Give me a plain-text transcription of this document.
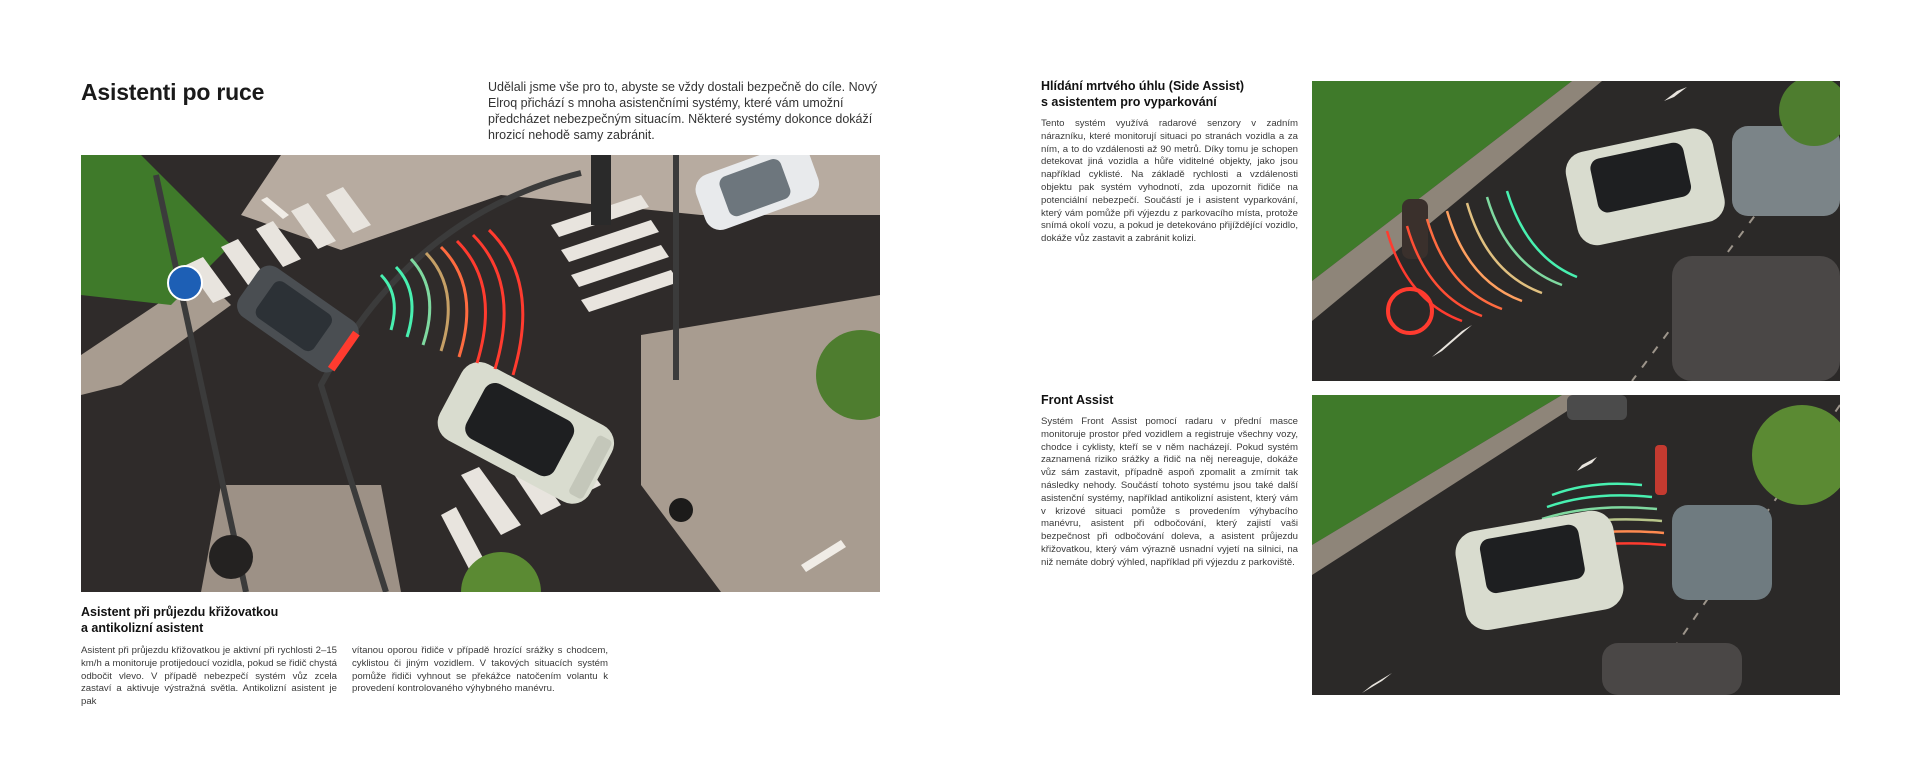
Asistenti po ruce	Udělali jsme vše pro to, abyste se vždy dostali bezpečně do cíle. Nový Elroq přichází s mnoha asistenčními systémy, které vám umožní předcházet nebezpečným situacím. Některé systémy dokonce dokáží hrozicí nehodě samy zabránit.
Asistent při průjezdu křižovatkou
a antikolizní asistent
Asistent při průjezdu křižovatkou je aktivní při rychlosti 2–15 km/h a monitoruje protijedoucí vozidla, pokud se řidič chystá odbočit vlevo. V případě nebezpečí systém vůz zcela zastaví a aktivuje výstražná světla. Antikolizní asistent je pak
vítanou oporou řidiče v případě hrozící srážky s chodcem, cyklistou či jiným vozidlem. V takových situacích systém pomůže řidiči vyhnout se překážce natočením volantu k provedení kontrolovaného výhybného manévru.
Hlídání mrtvého úhlu (Side Assist)
s asistentem pro vyparkování
Tento systém využívá radarové senzory v zadním nárazníku, které monitorují situaci po stranách vozidla a za ním, a to do vzdálenosti až 90 metrů. Díky tomu je schopen detekovat jiná vozidla a hůře viditelné objekty, jako jsou například cyklisté. Na základě rychlosti a vzdálenosti objektu pak systém vyhodnotí, zda upozornit řidiče na potenciální nebezpečí. Součástí je i asistent vyparkování, který vám pomůže při výjezdu z parkovacího místa, protože snímá okolí vozu, a pokud je detekováno přijíždějící vozidlo, dokáže vůz zastavit a zabránit kolizi.
Front Assist
Systém Front Assist pomocí radaru v přední masce monitoruje prostor před vozidlem a registruje všechny vozy, chodce i cyklisty, kteří se v něm nacházejí. Pokud systém zaznamená riziko srážky a řidič na něj nereaguje, dokáže vůz sám zastavit, případně aspoň zpomalit a zmírnit tak následky nehody. Součástí tohoto systému jsou také další asistenční systémy, například antikolizní asistent, který vám v krizové situaci pomůže s provedením výhybacího manévru, asistent při odbočování, který zajistí vaši bezpečnost při odbočování doleva, a asistent průjezdu křižovatkou, který vám výrazně usnadní vyjetí na silnici, na niž nemáte dobrý výhled, například při výjezdu z parkoviště.
